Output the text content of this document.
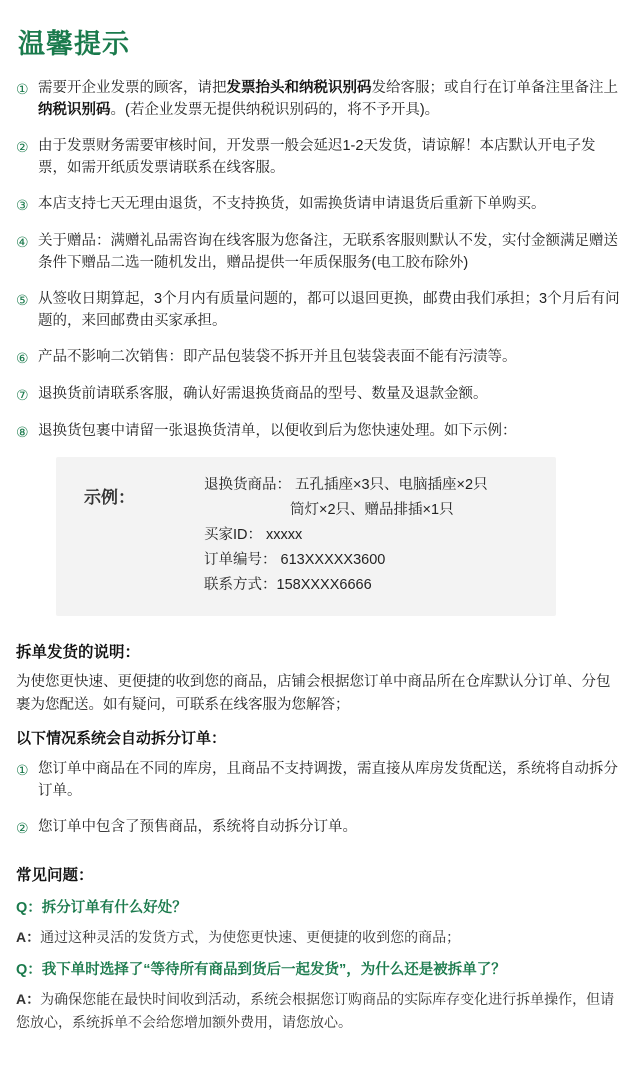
温馨提示
① 需要开企业发票的顾客，请把发票抬头和纳税识别码发给客服；或自行在订单备注里备注上纳税识别码。(若企业发票无提供纳税识别码的，将不予开具)。
② 由于发票财务需要审核时间，开发票一般会延迟1-2天发货，请谅解！本店默认开电子发票，如需开纸质发票请联系在线客服。
③ 本店支持七天无理由退货，不支持换货，如需换货请申请退货后重新下单购买。
④ 关于赠品：满赠礼品需咨询在线客服为您备注，无联系客服则默认不发，实付金额满足赠送条件下赠品二选一随机发出，赠品提供一年质保服务(电工胶布除外)
⑤ 从签收日期算起，3个月内有质量问题的，都可以退回更换，邮费由我们承担；3个月后有问题的，来回邮费由买家承担。
⑥ 产品不影响二次销售：即产品包装袋不拆开并且包装袋表面不能有污渍等。
⑦ 退换货前请联系客服，确认好需退换货商品的型号、数量及退款金额。
⑧ 退换货包裹中请留一张退换货清单，以便收到后为您快速处理。如下示例：
示例：
退换货商品： 五孔插座×3只、电脑插座×2只
筒灯×2只、赠品排插×1只
买家ID： xxxxx
订单编号： 613XXXXX3600
联系方式：158XXXX6666
拆单发货的说明：
为使您更快速、更便捷的收到您的商品，店铺会根据您订单中商品所在仓库默认分订单、分包裹为您配送。如有疑问，可联系在线客服为您解答；
以下情况系统会自动拆分订单：
① 您订单中商品在不同的库房，且商品不支持调拨，需直接从库房发货配送，系统将自动拆分订单。
② 您订单中包含了预售商品，系统将自动拆分订单。
常见问题：
Q：拆分订单有什么好处？
A：通过这种灵活的发货方式，为使您更快速、更便捷的收到您的商品；
Q：我下单时选择了“等待所有商品到货后一起发货”，为什么还是被拆单了？
A：为确保您能在最快时间收到活动，系统会根据您订购商品的实际库存变化进行拆单操作，但请您放心，系统拆单不会给您增加额外费用，请您放心。
